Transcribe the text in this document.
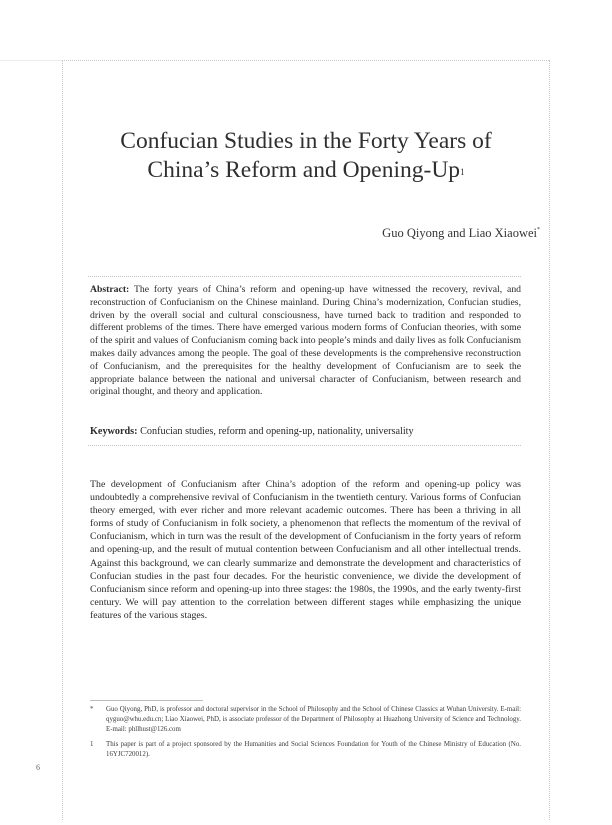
Confucian Studies in the Forty Years of
China’s Reform and Opening-Up$^1$
Guo Qiyong and Liao Xiaowei*

Abstract: The forty years of China’s reform and opening-up have witnessed the recovery, revival, and reconstruction of Confucianism on the Chinese mainland. During China’s modernization, Confucian studies, driven by the overall social and cultural consciousness, have turned back to tradition and responded to different problems of the times. There have emerged various modern forms of Confucian theories, with some of the spirit and values of Confucianism coming back into people’s minds and daily lives as folk Confucianism makes daily advances among the people. The goal of these developments is the comprehensive reconstruction of Confucianism, and the prerequisites for the healthy development of Confucianism are to seek the appropriate balance between the national and universal character of Confucianism, between research and original thought, and theory and application.

Keywords: Confucian studies, reform and opening-up, nationality, universality

The development of Confucianism after China’s adoption of the reform and opening-up policy was undoubtedly a comprehensive revival of Confucianism in the twentieth century. Various forms of Confucian theory emerged, with ever richer and more relevant academic outcomes. There has been a thriving in all forms of study of Confucianism in folk society, a phenomenon that reflects the momentum of the revival of Confucianism, which in turn was the result of the development of Confucianism in the forty years of reform and opening-up, and the result of mutual contention between Confucianism and all other intellectual trends. Against this background, we can clearly summarize and demonstrate the development and characteristics of Confucian studies in the past four decades. For the heuristic convenience, we divide the development of Confucianism since reform and opening-up into three stages: the 1980s, the 1990s, and the early twenty-first century. We will pay attention to the correlation between different stages while emphasizing the unique features of the various stages.

*	Guo Qiyong, PhD, is professor and doctoral supervisor in the School of Philosophy and the School of Chinese Classics at Wuhan University. E-mail: qyguo@whu.edu.cn; Liao Xiaowei, PhD, is associate professor of the Department of Philosophy at Huazhong University of Science and Technology. E-mail: phllhust@126.com

1	This paper is part of a project sponsored by the Humanities and Social Sciences Foundation for Youth of the Chinese Ministry of Education (No. 16YJC720012).

6
